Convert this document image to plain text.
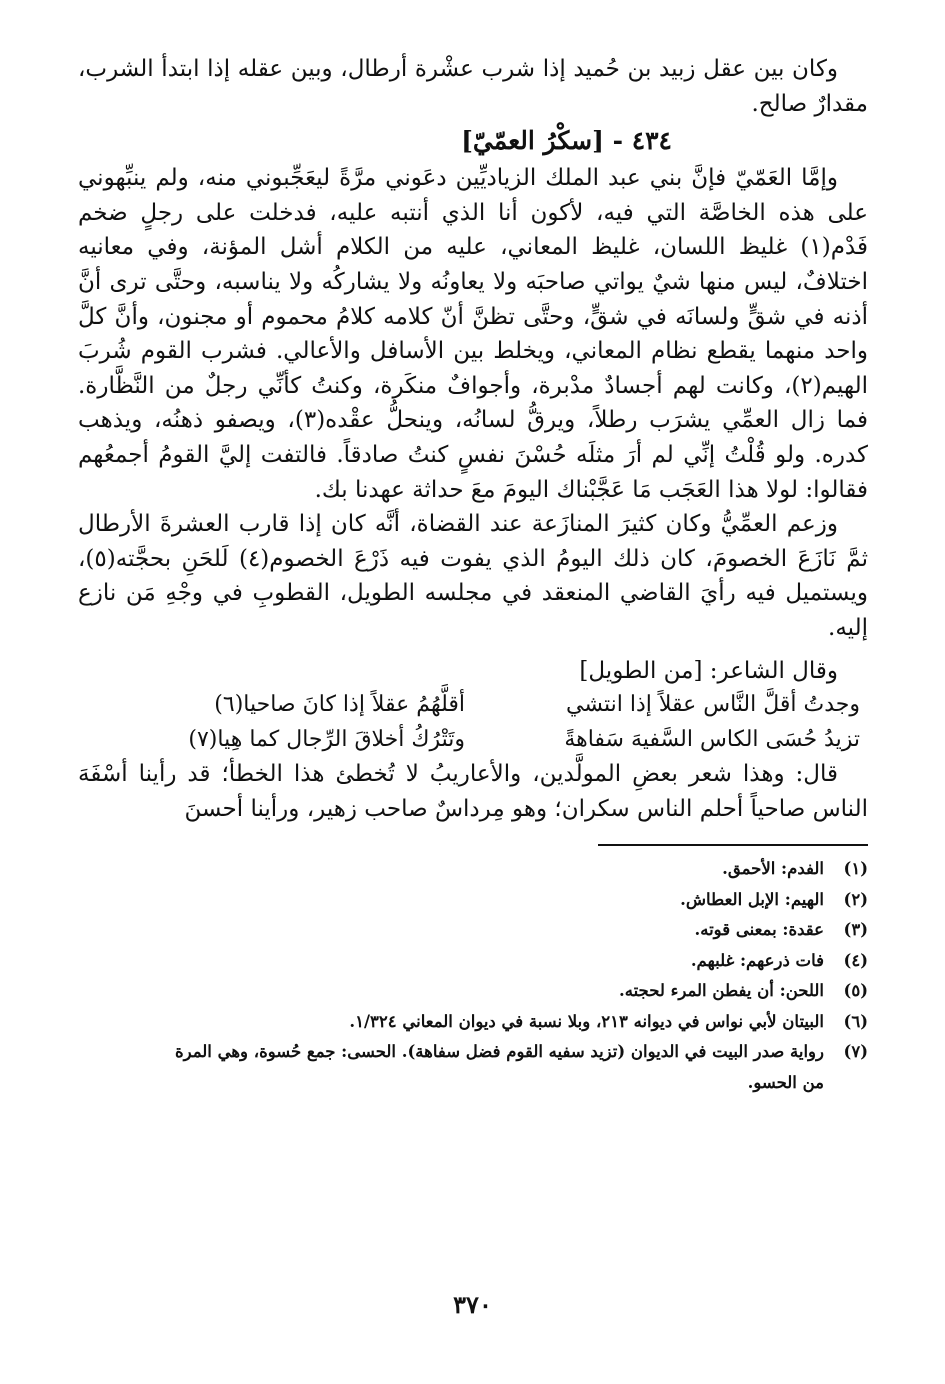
وكان بين عقل زبيد بن حُميد إذا شرب عشْرة أرطال، وبين عقله إذا ابتدأ الشرب، مقدارٌ صالح.

٤٣٤ - [سكْرُ العمّيّ]

وإمَّا العَمّيّ فإنَّ بني عبد الملك الزياديِّين دعَوني مرَّةً ليعَجِّبوني منه، ولم ينبِّهوني على هذه الخاصَّة التي فيه، لأكون أنا الذي أنتبه عليه، فدخلت على رجلٍ ضخم فَدْم(١) غليظ اللسان، غليظ المعاني، عليه من الكلام أشل المؤنة، وفي معانيه اختلافٌ، ليس منها شيٌ يواتي صاحبَه ولا يعاونُه ولا يشاركُه ولا يناسبه، وحتَّى ترى أنَّ أذنه في شقٍّ ولسانَه في شقٍّ، وحتَّى تظنَّ أنّ كلامه كلامُ محموم أو مجنون، وأنَّ كلَّ واحد منهما يقطع نظام المعاني، ويخلط بين الأسافل والأعالي. فشرب القوم شُربَ الهيم(٢)، وكانت لهم أجسادٌ مدْبرة، وأجوافٌ منكَرة، وكنتُ كأنِّي رجلٌ من النَّظَّارة. فما زال العمِّي يشرَب رطلاً، ويرقُّ لسانُه، وينحلُّ عقْده(٣)، ويصفو ذهنُه، ويذهب كدره. ولو قُلْتُ إنِّي لم أرَ مثلَه حُسْنَ نفسٍ كنتُ صادقاً. فالتفت إليَّ القومُ أجمعُهم فقالوا: لولا هذا العَجَب مَا عَجَّبْناك اليومَ معَ حداثة عهدنا بك.

وزعم العمِّيُّ وكان كثيرَ المنازَعة عند القضاة، أنَّه كان إذا قارب العشرةَ الأرطال ثمَّ نَازَعَ الخصومَ، كان ذلك اليومُ الذي يفوت فيه ذَرْعَ الخصوم(٤) لَلحَنِ بحجَّته(٥)، ويستميل فيه رأيَ القاضي المنعقد في مجلسه الطويل، القطوبِ في وجْهِ مَن نازع إليه.

وقال الشاعر: [من الطويل]

وجدتُ أقلَّ النَّاس عقلاً إذا انتشي
أقلَّهُمُ عقلاً إذا كانَ صاحيا(٦)
تزيدُ حُسَى الكاس السَّفيهَ سَفاهةً
وتَتْرُكُ أخلاقَ الرِّجال كما هِيا(٧)

قال: وهذا شعر بعضِ المولَّدين، والأعاريبُ لا تُخطئ هذا الخطأ؛ قد رأينا أسْفَهَ الناس صاحياً أحلم الناس سكران؛ وهو مِرداسٌ صاحب زهير، ورأينا أحسنَ

(١)الفدم: الأحمق.

(٢)الهيم: الإبل العطاش.

(٣)عقدة: بمعنى قوته.

(٤)فات ذرعهم: غلبهم.

(٥)اللحن: أن يفطن المرء لحجته.

(٦)البيتان لأبي نواس في ديوانه ٢١٣، وبلا نسبة في ديوان المعاني ١/٣٢٤.

(٧)رواية صدر البيت في الديوان (تزيد سفيه القوم فضل سفاهة). الحسى: جمع حُسوة، وهي المرة

من الحسو.

٣٧٠
